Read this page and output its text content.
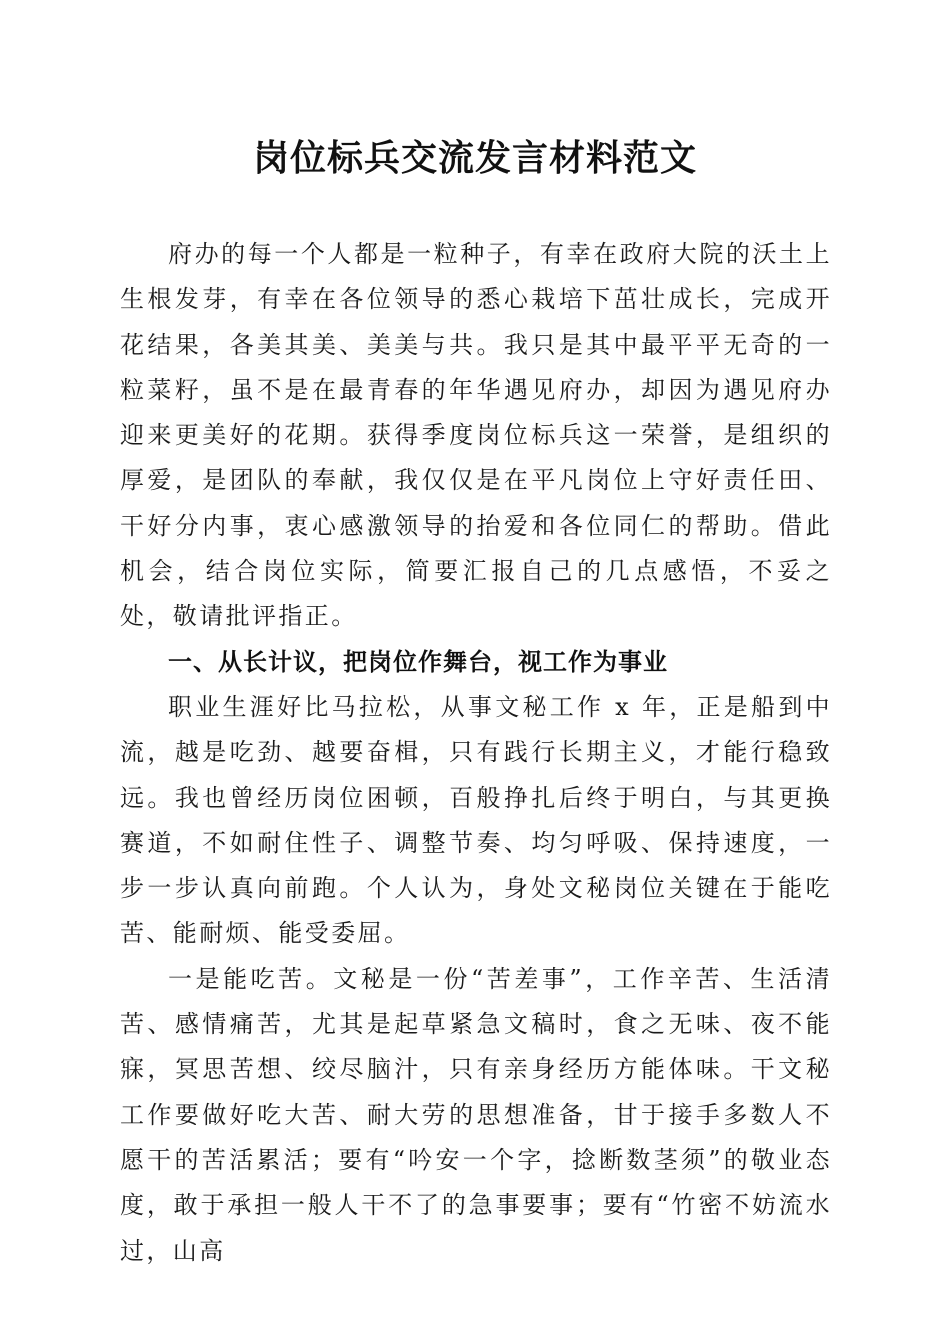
岗位标兵交流发言材料范文

府办的每一个人都是一粒种子，有幸在政府大院的沃土上生根发芽，有幸在各位领导的悉心栽培下茁壮成长，完成开花结果，各美其美、美美与共。我只是其中最平平无奇的一粒菜籽，虽不是在最青春的年华遇见府办，却因为遇见府办迎来更美好的花期。获得季度岗位标兵这一荣誉，是组织的厚爱，是团队的奉献，我仅仅是在平凡岗位上守好责任田、干好分内事，衷心感激领导的抬爱和各位同仁的帮助。借此机会，结合岗位实际，简要汇报自己的几点感悟，不妥之处，敬请批评指正。

一、从长计议，把岗位作舞台，视工作为事业

职业生涯好比马拉松，从事文秘工作 x 年，正是船到中流，越是吃劲、越要奋楫，只有践行长期主义，才能行稳致远。我也曾经历岗位困顿，百般挣扎后终于明白，与其更换赛道，不如耐住性子、调整节奏、均匀呼吸、保持速度，一步一步认真向前跑。个人认为，身处文秘岗位关键在于能吃苦、能耐烦、能受委屈。

一是能吃苦。文秘是一份“苦差事”，工作辛苦、生活清苦、感情痛苦，尤其是起草紧急文稿时，食之无味、夜不能寐，冥思苦想、绞尽脑汁，只有亲身经历方能体味。干文秘工作要做好吃大苦、耐大劳的思想准备，甘于接手多数人不愿干的苦活累活；要有“吟安一个字，捻断数茎须”的敬业态度，敢于承担一般人干不了的急事要事；要有“竹密不妨流水过，山高
